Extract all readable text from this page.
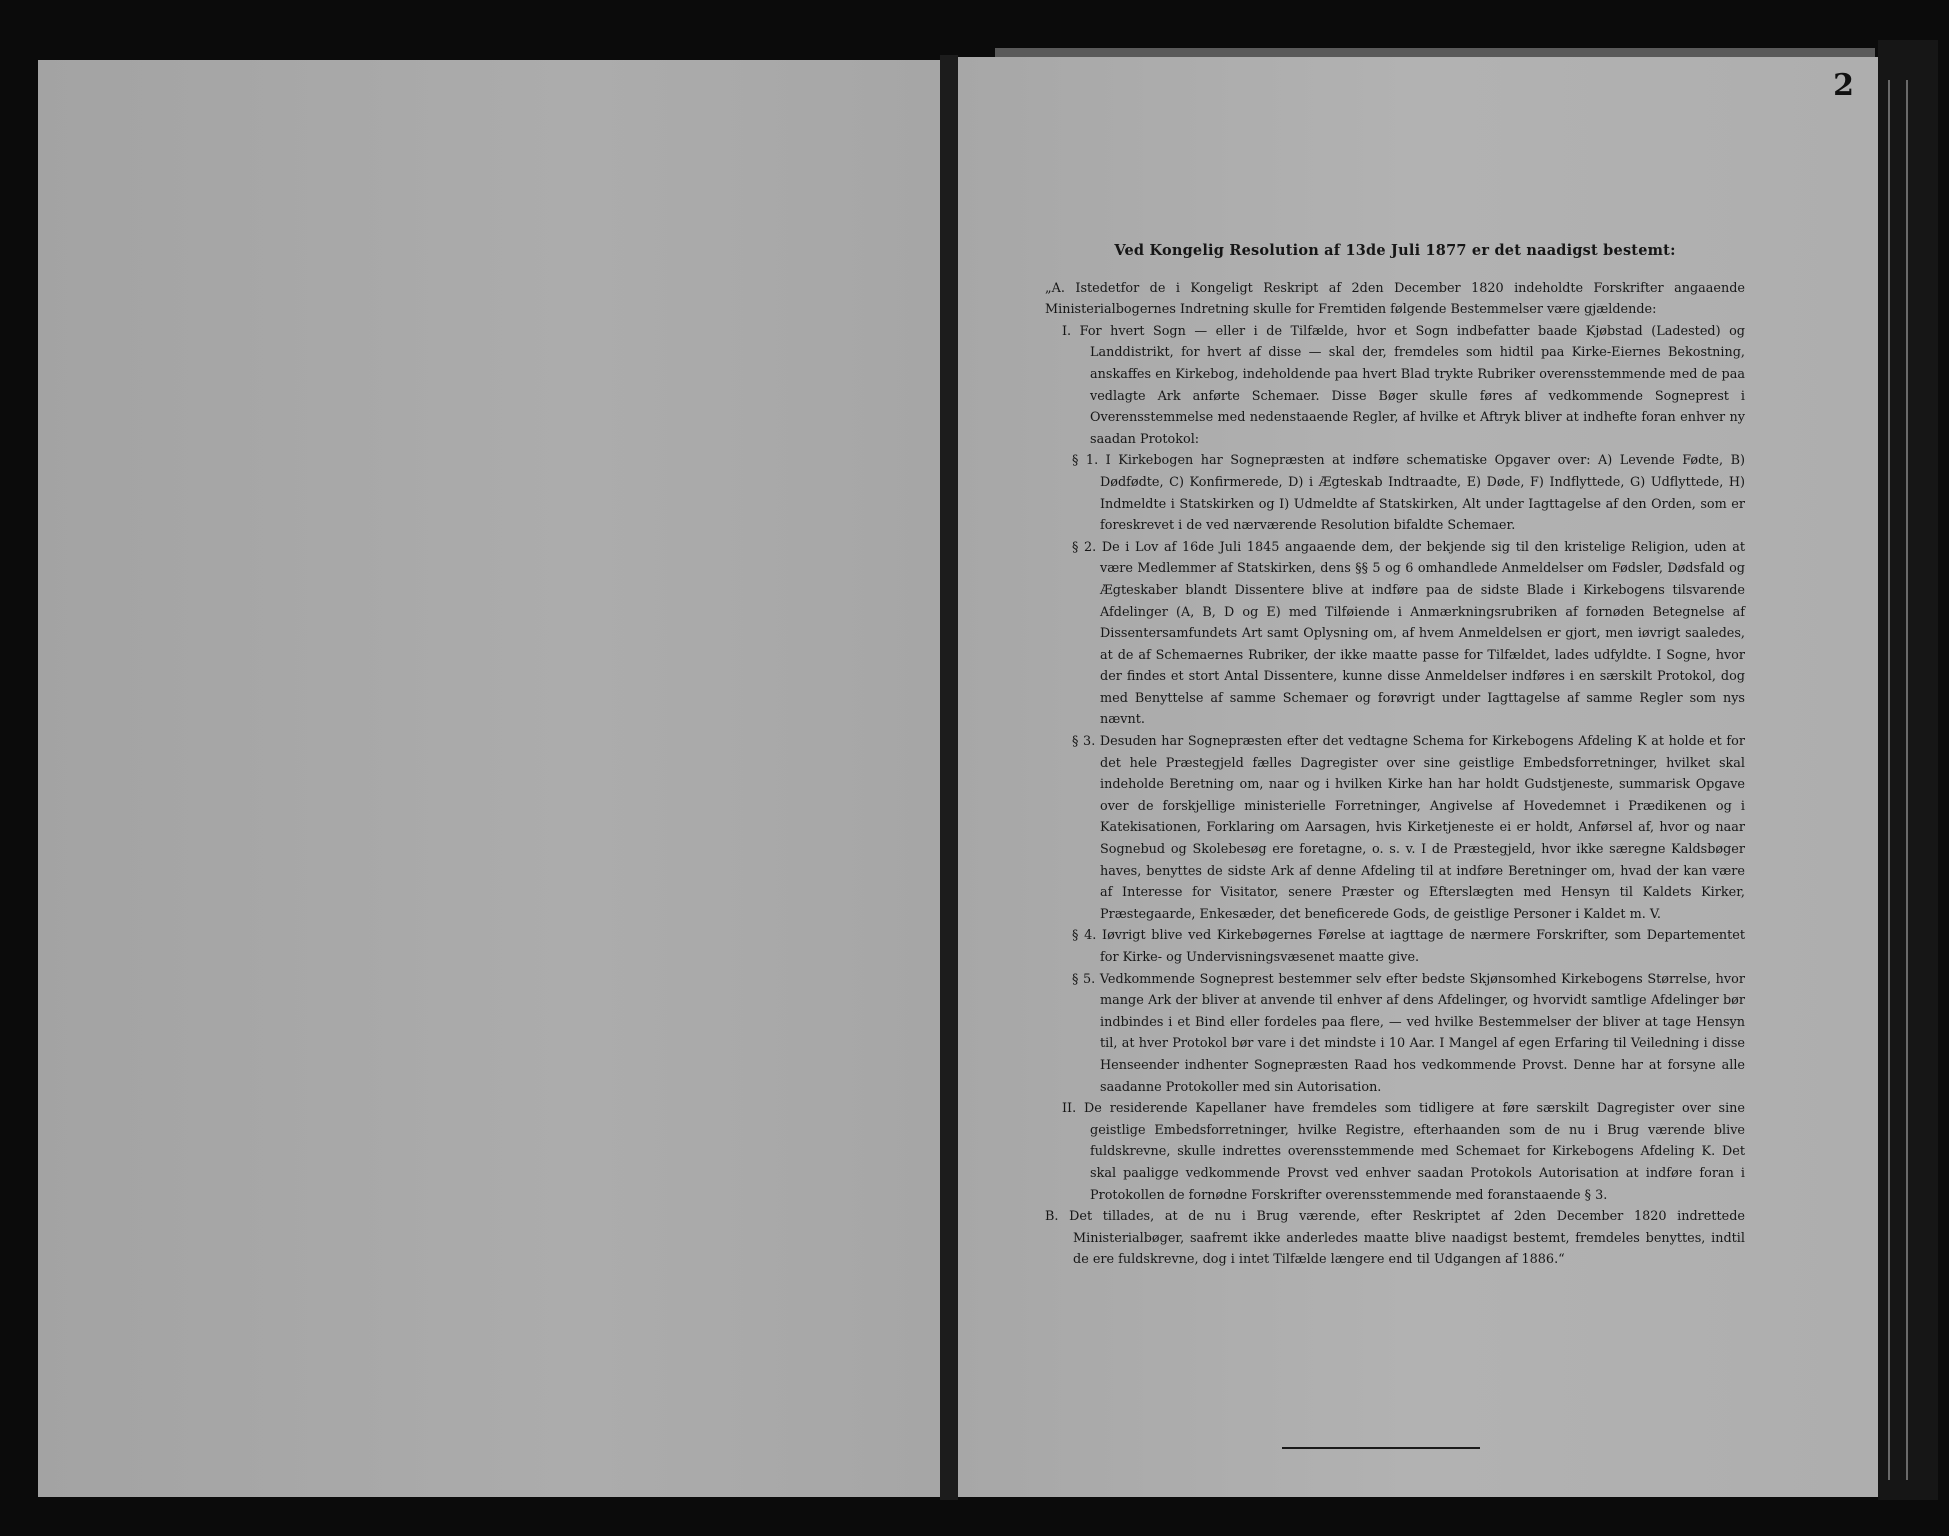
2

Ved Kongelig Resolution af 13de Juli 1877 er det naadigst bestemt:

„A. Istedetfor de i Kongeligt Reskript af 2den December 1820 indeholdte Forskrifter angaaende Ministerialbogernes Indretning skulle for Fremtiden følgende Bestemmelser være gjældende:

I. For hvert Sogn — eller i de Tilfælde, hvor et Sogn indbefatter baade Kjøbstad (Ladested) og Landdistrikt, for hvert af disse — skal der, fremdeles som hidtil paa Kirke-Eiernes Bekostning, anskaffes en Kirkebog, indeholdende paa hvert Blad trykte Rubriker overensstemmende med de paa vedlagte Ark anførte Schemaer. Disse Bøger skulle føres af vedkommende Sogneprest i Overensstemmelse med nedenstaaende Regler, af hvilke et Aftryk bliver at indhefte foran enhver ny saadan Protokol:

§ 1. I Kirkebogen har Sognepræsten at indføre schematiske Opgaver over: A) Levende Fødte, B) Dødfødte, C) Konfirmerede, D) i Ægteskab Indtraadte, E) Døde, F) Indflyttede, G) Udflyttede, H) Indmeldte i Statskirken og I) Udmeldte af Statskirken, Alt under Iagttagelse af den Orden, som er foreskrevet i de ved nærværende Resolution bifaldte Schemaer.

§ 2. De i Lov af 16de Juli 1845 angaaende dem, der bekjende sig til den kristelige Religion, uden at være Medlemmer af Statskirken, dens §§ 5 og 6 omhandlede Anmeldelser om Fødsler, Dødsfald og Ægteskaber blandt Dissentere blive at indføre paa de sidste Blade i Kirkebogens tilsvarende Afdelinger (A, B, D og E) med Tilføiende i Anmærkningsrubriken af fornøden Betegnelse af Dissentersamfundets Art samt Oplysning om, af hvem Anmeldelsen er gjort, men iøvrigt saaledes, at de af Schemaernes Rubriker, der ikke maatte passe for Tilfældet, lades udfyldte. I Sogne, hvor der findes et stort Antal Dissentere, kunne disse Anmeldelser indføres i en særskilt Protokol, dog med Benyttelse af samme Schemaer og forøvrigt under Iagttagelse af samme Regler som nys nævnt.

§ 3. Desuden har Sognepræsten efter det vedtagne Schema for Kirkebogens Afdeling K at holde et for det hele Præstegjeld fælles Dagregister over sine geistlige Embedsforretninger, hvilket skal indeholde Beretning om, naar og i hvilken Kirke han har holdt Gudstjeneste, summarisk Opgave over de forskjellige ministerielle Forretninger, Angivelse af Hovedemnet i Prædikenen og i Katekisationen, Forklaring om Aarsagen, hvis Kirketjeneste ei er holdt, Anførsel af, hvor og naar Sognebud og Skolebesøg ere foretagne, o. s. v. I de Præstegjeld, hvor ikke særegne Kaldsbøger haves, benyttes de sidste Ark af denne Afdeling til at indføre Beretninger om, hvad der kan være af Interesse for Visitator, senere Præster og Efterslægten med Hensyn til Kaldets Kirker, Præstegaarde, Enkesæder, det beneficerede Gods, de geistlige Personer i Kaldet m. V.

§ 4. Iøvrigt blive ved Kirkebøgernes Førelse at iagttage de nærmere Forskrifter, som Departementet for Kirke- og Undervisningsvæsenet maatte give.

§ 5. Vedkommende Sogneprest bestemmer selv efter bedste Skjønsomhed Kirkebogens Størrelse, hvor mange Ark der bliver at anvende til enhver af dens Afdelinger, og hvorvidt samtlige Afdelinger bør indbindes i et Bind eller fordeles paa flere, — ved hvilke Bestemmelser der bliver at tage Hensyn til, at hver Protokol bør vare i det mindste i 10 Aar. I Mangel af egen Erfaring til Veiledning i disse Henseender indhenter Sognepræsten Raad hos vedkommende Provst. Denne har at forsyne alle saadanne Protokoller med sin Autorisation.

II. De residerende Kapellaner have fremdeles som tidligere at føre særskilt Dagregister over sine geistlige Embedsforretninger, hvilke Registre, efterhaanden som de nu i Brug værende blive fuldskrevne, skulle indrettes overensstemmende med Schemaet for Kirkebogens Afdeling K. Det skal paaligge vedkommende Provst ved enhver saadan Protokols Autorisation at indføre foran i Protokollen de fornødne Forskrifter overensstemmende med foranstaaende § 3.

B. Det tillades, at de nu i Brug værende, efter Reskriptet af 2den December 1820 indrettede Ministerialbøger, saafremt ikke anderledes maatte blive naadigst bestemt, fremdeles benyttes, indtil de ere fuldskrevne, dog i intet Tilfælde længere end til Udgangen af 1886.“
